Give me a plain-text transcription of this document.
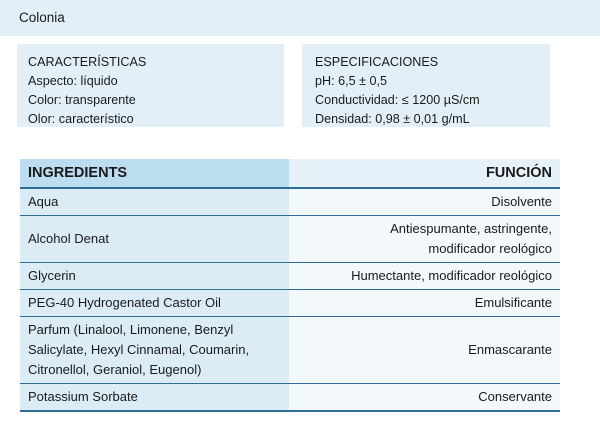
Colonia
CARACTERÍSTICAS
Aspecto: líquido
Color: transparente
Olor: característico
ESPECIFICACIONES
pH: 6,5 ± 0,5
Conductividad: ≤ 1200 µS/cm
Densidad: 0,98 ± 0,01 g/mL
INGREDIENTS	FUNCIÓN

Aqua	Disolvente

Alcohol Denat	Antiespumante, astringente,
modificador reológico

Glycerin	Humectante, modificador reológico

PEG-40 Hydrogenated Castor Oil	Emulsificante

Parfum (Linalool, Limonene, Benzyl
Salicylate, Hexyl Cinnamal, Coumarin,
Citronellol, Geraniol, Eugenol)	Enmascarante

Potassium Sorbate	Conservante
